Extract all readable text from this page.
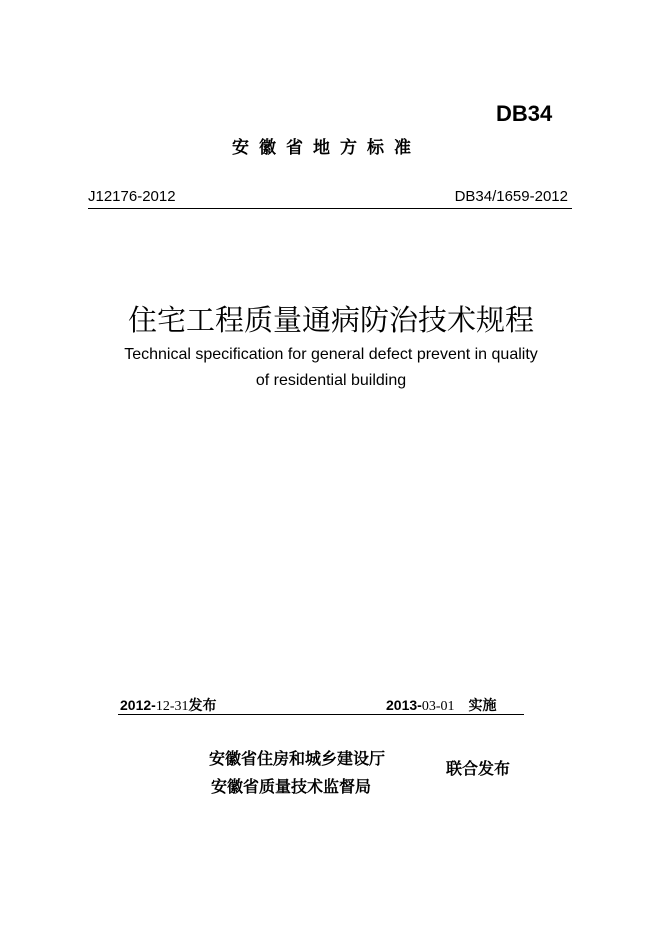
DB34
安徽省地方标准
J12176-2012	DB34/1659-2012
住宅工程质量通病防治技术规程
Technical specification for general defect prevent in quality
of residential building
2012-12-31发布	2013-03-01 实施
安徽省住房和城乡建设厅
安徽省质量技术监督局
联合发布
